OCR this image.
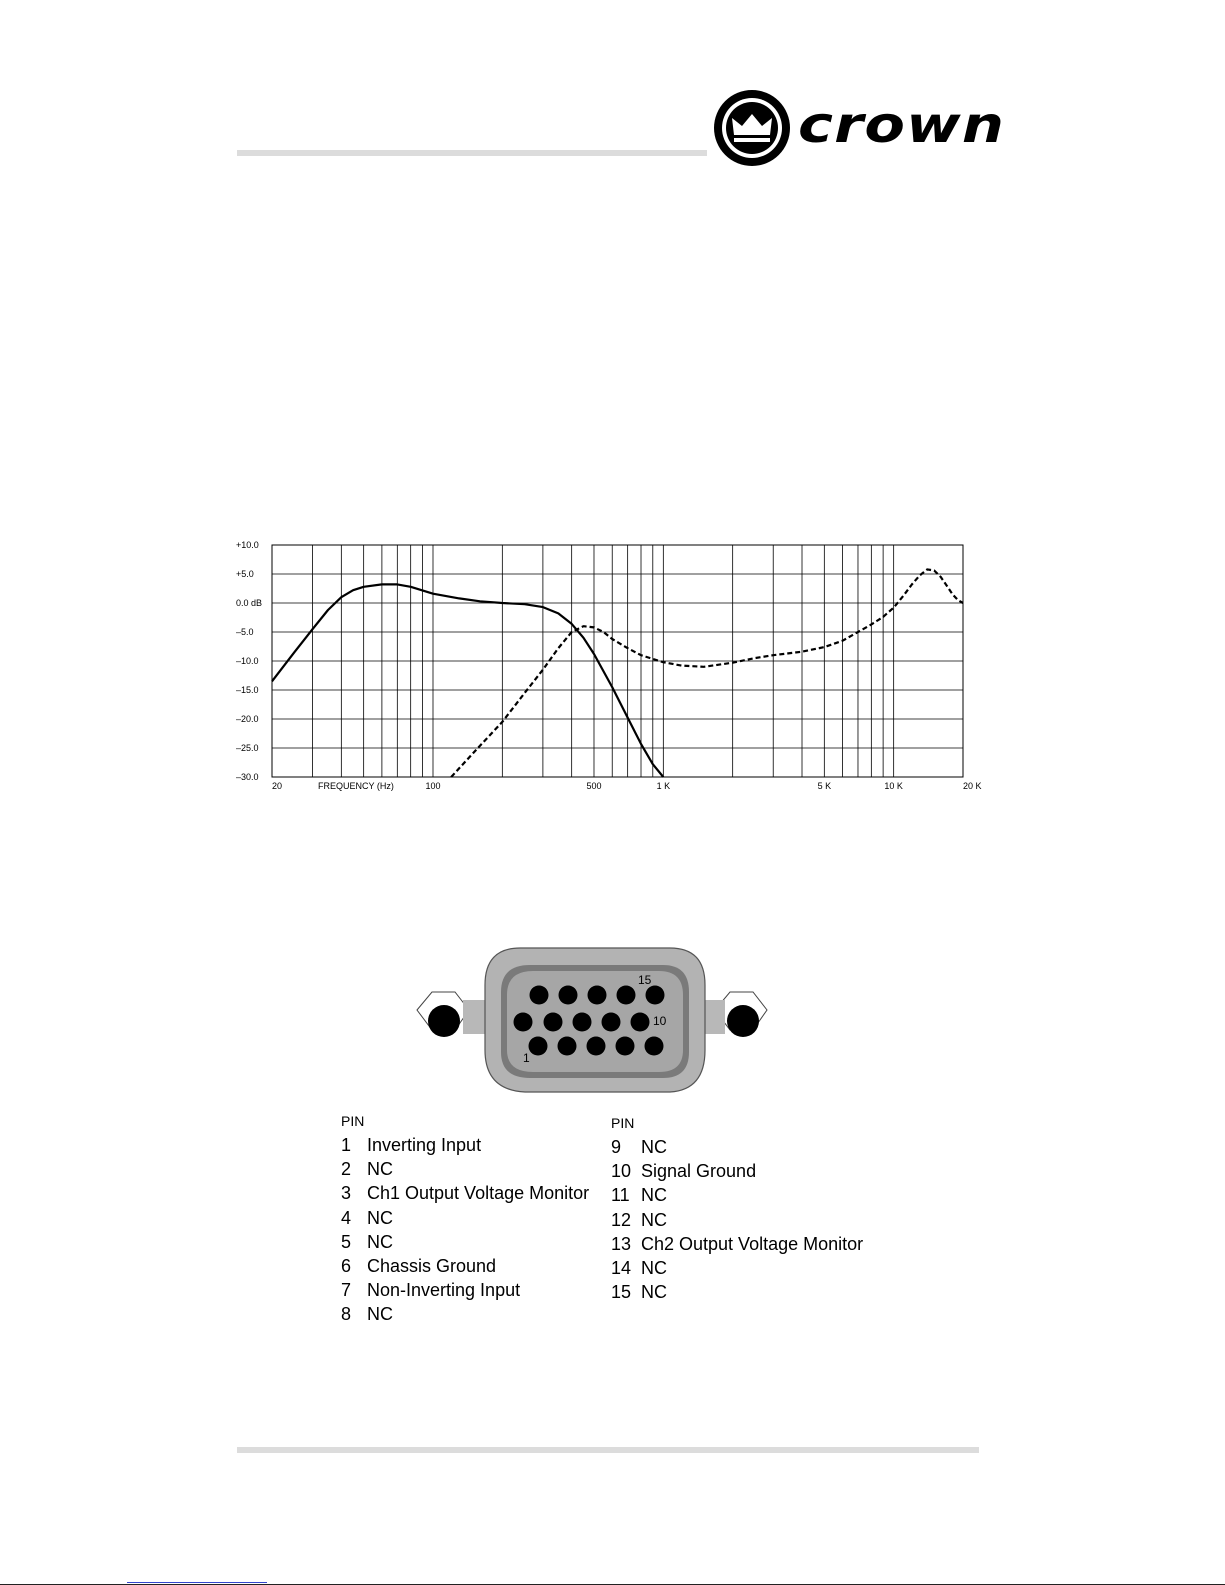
crown
+10.0
+5.0
0.0 dB
–5.0
–10.0
–15.0
–20.0
–25.0
–30.0
20	100	500	1 K	5 K	10 K	20 K
FREQUENCY (Hz)
15
10
1
PIN
1 Inverting Input
2 NC
3 Ch1 Output Voltage Monitor
4 NC
5 NC
6 Chassis Ground
7 Non-Inverting Input
8 NC
PIN
9 NC
10 Signal Ground
11 NC
12 NC
13 Ch2 Output Voltage Monitor
14 NC
15 NC
